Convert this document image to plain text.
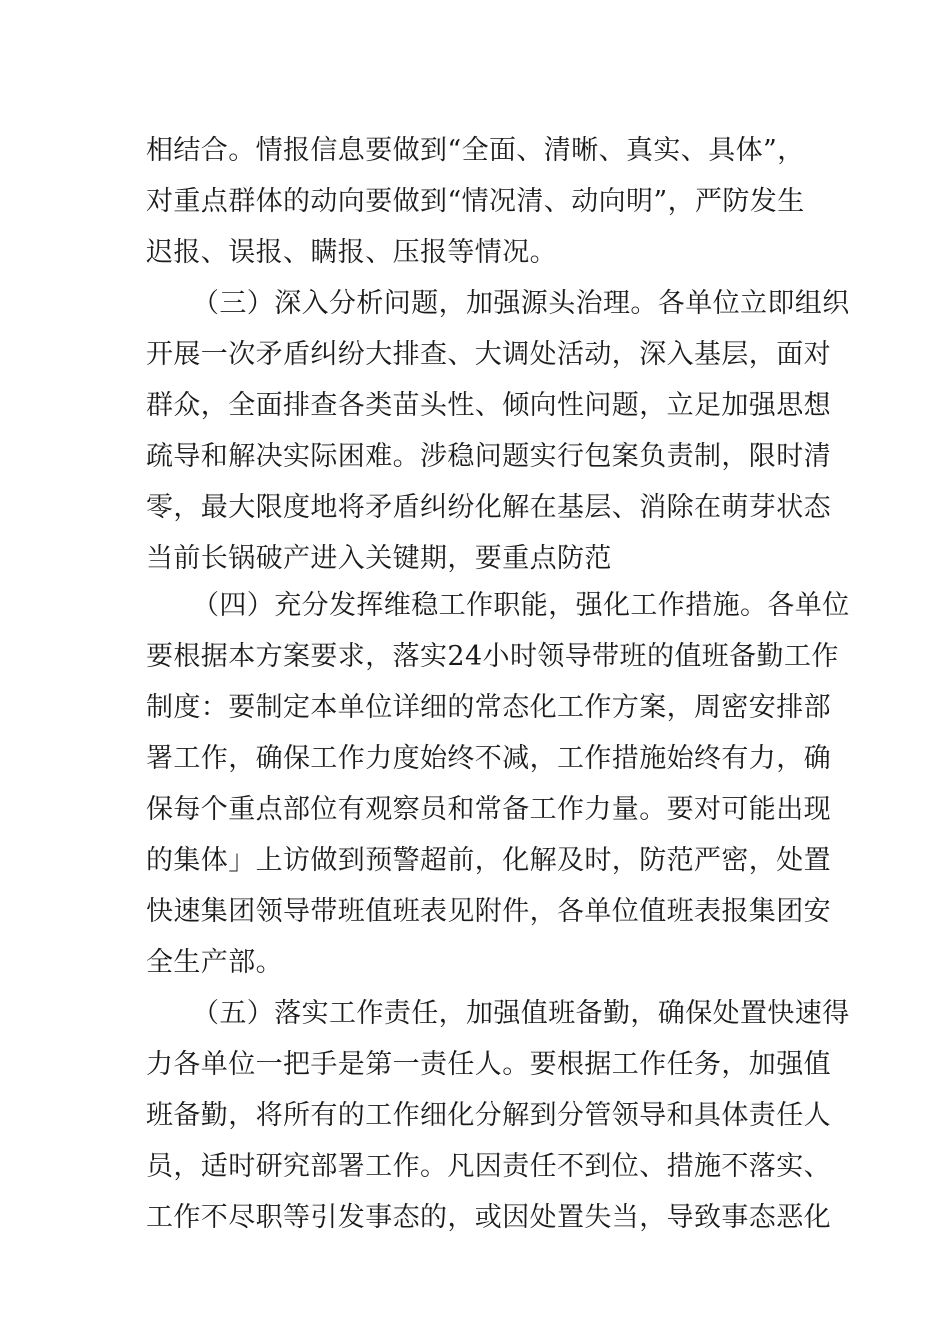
相结合。情报信息要做到“全面、清晰、真实、具体”，
对重点群体的动向要做到“情况清、动向明”，严防发生
迟报、误报、瞒报、压报等情况。
（三）深入分析问题，加强源头治理。各单位立即组织
开展一次矛盾纠纷大排查、大调处活动，深入基层，面对
群众，全面排查各类苗头性、倾向性问题，立足加强思想
疏导和解决实际困难。涉稳问题实行包案负责制，限时清
零，最大限度地将矛盾纠纷化解在基层、消除在萌芽状态
当前长锅破产进入关键期，要重点防范
（四）充分发挥维稳工作职能，强化工作措施。各单位
要根据本方案要求，落实24小时领导带班的值班备勤工作
制度：要制定本单位详细的常态化工作方案，周密安排部
署工作，确保工作力度始终不减，工作措施始终有力，确
保每个重点部位有观察员和常备工作力量。要对可能出现
的集体」上访做到预警超前，化解及时，防范严密，处置
快速集团领导带班值班表见附件，各单位值班表报集团安
全生产部。
（五）落实工作责任，加强值班备勤，确保处置快速得
力各单位一把手是第一责任人。要根据工作任务，加强值
班备勤，将所有的工作细化分解到分管领导和具体责任人
员，适时研究部署工作。凡因责任不到位、措施不落实、
工作不尽职等引发事态的，或因处置失当，导致事态恶化
